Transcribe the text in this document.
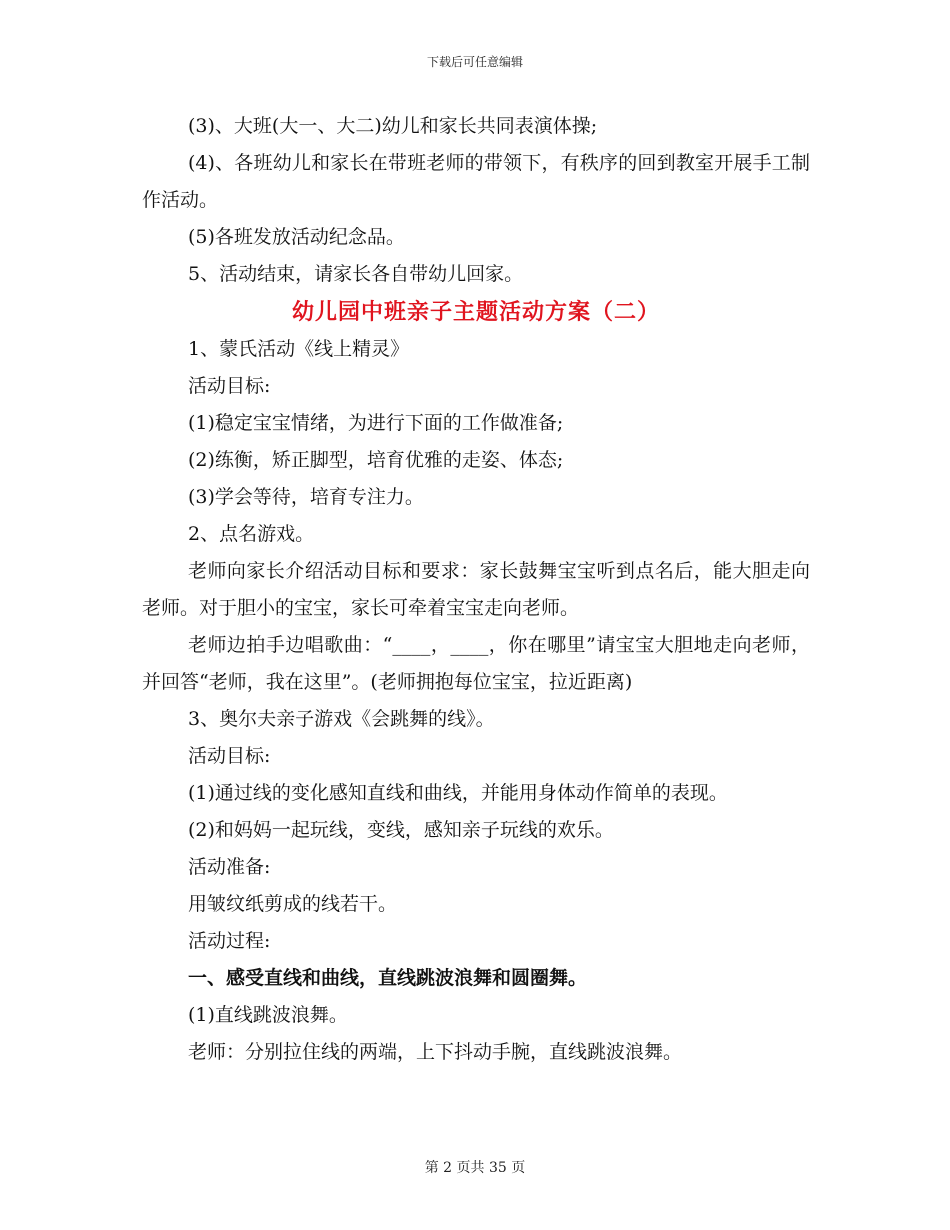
下载后可任意编辑

(3)、大班(大一、大二)幼儿和家长共同表演体操;

(4)、各班幼儿和家长在带班老师的带领下，有秩序的回到教室开展手工制作活动。

(5)各班发放活动纪念品。

5、活动结束，请家长各自带幼儿回家。

幼儿园中班亲子主题活动方案（二）

1、蒙氏活动《线上精灵》

活动目标:

(1)稳定宝宝情绪，为进行下面的工作做准备;

(2)练衡，矫正脚型，培育优雅的走姿、体态;

(3)学会等待，培育专注力。

2、点名游戏。

老师向家长介绍活动目标和要求：家长鼓舞宝宝听到点名后，能大胆走向老师。对于胆小的宝宝，家长可牵着宝宝走向老师。

老师边拍手边唱歌曲：“____，____，你在哪里”请宝宝大胆地走向老师，并回答“老师，我在这里”。(老师拥抱每位宝宝，拉近距离)

3、奥尔夫亲子游戏《会跳舞的线》。

活动目标:

(1)通过线的变化感知直线和曲线，并能用身体动作简单的表现。

(2)和妈妈一起玩线，变线，感知亲子玩线的欢乐。

活动准备:

用皱纹纸剪成的线若干。

活动过程:

一、感受直线和曲线，直线跳波浪舞和圆圈舞。

(1)直线跳波浪舞。

老师：分别拉住线的两端，上下抖动手腕，直线跳波浪舞。

第 2 页共 35 页
